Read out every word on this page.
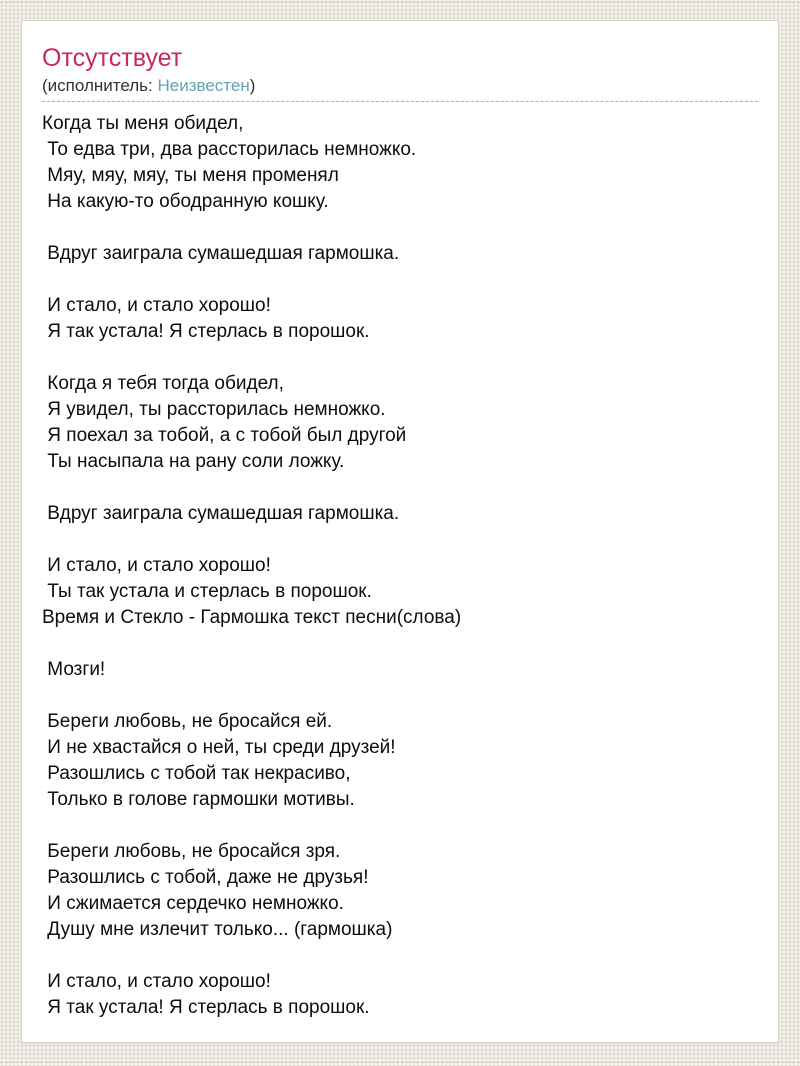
Отсутствует
(исполнитель: Неизвестен)
Когда ты меня обидел,
То едва три, два рассторилась немножко.
Мяу, мяу, мяу, ты меня променял
На какую-то ободранную кошку.
Вдруг заиграла сумашедшая гармошка.
И стало, и стало хорошо!
Я так устала! Я стерлась в порошок.
Когда я тебя тогда обидел,
Я увидел, ты рассторилась немножко.
Я поехал за тобой, а с тобой был другой
Ты насыпала на рану соли ложку.
Вдруг заиграла сумашедшая гармошка.
И стало, и стало хорошо!
Ты так устала и стерлась в порошок.
Время и Стекло - Гармошка текст песни(слова)
Мозги!
Береги любовь, не бросайся ей.
И не хвастайся о ней, ты среди друзей!
Разошлись с тобой так некрасиво,
Только в голове гармошки мотивы.
Береги любовь, не бросайся зря.
Разошлись с тобой, даже не друзья!
И сжимается сердечко немножко.
Душу мне излечит только... (гармошка)
И стало, и стало хорошо!
Я так устала! Я стерлась в порошок.
